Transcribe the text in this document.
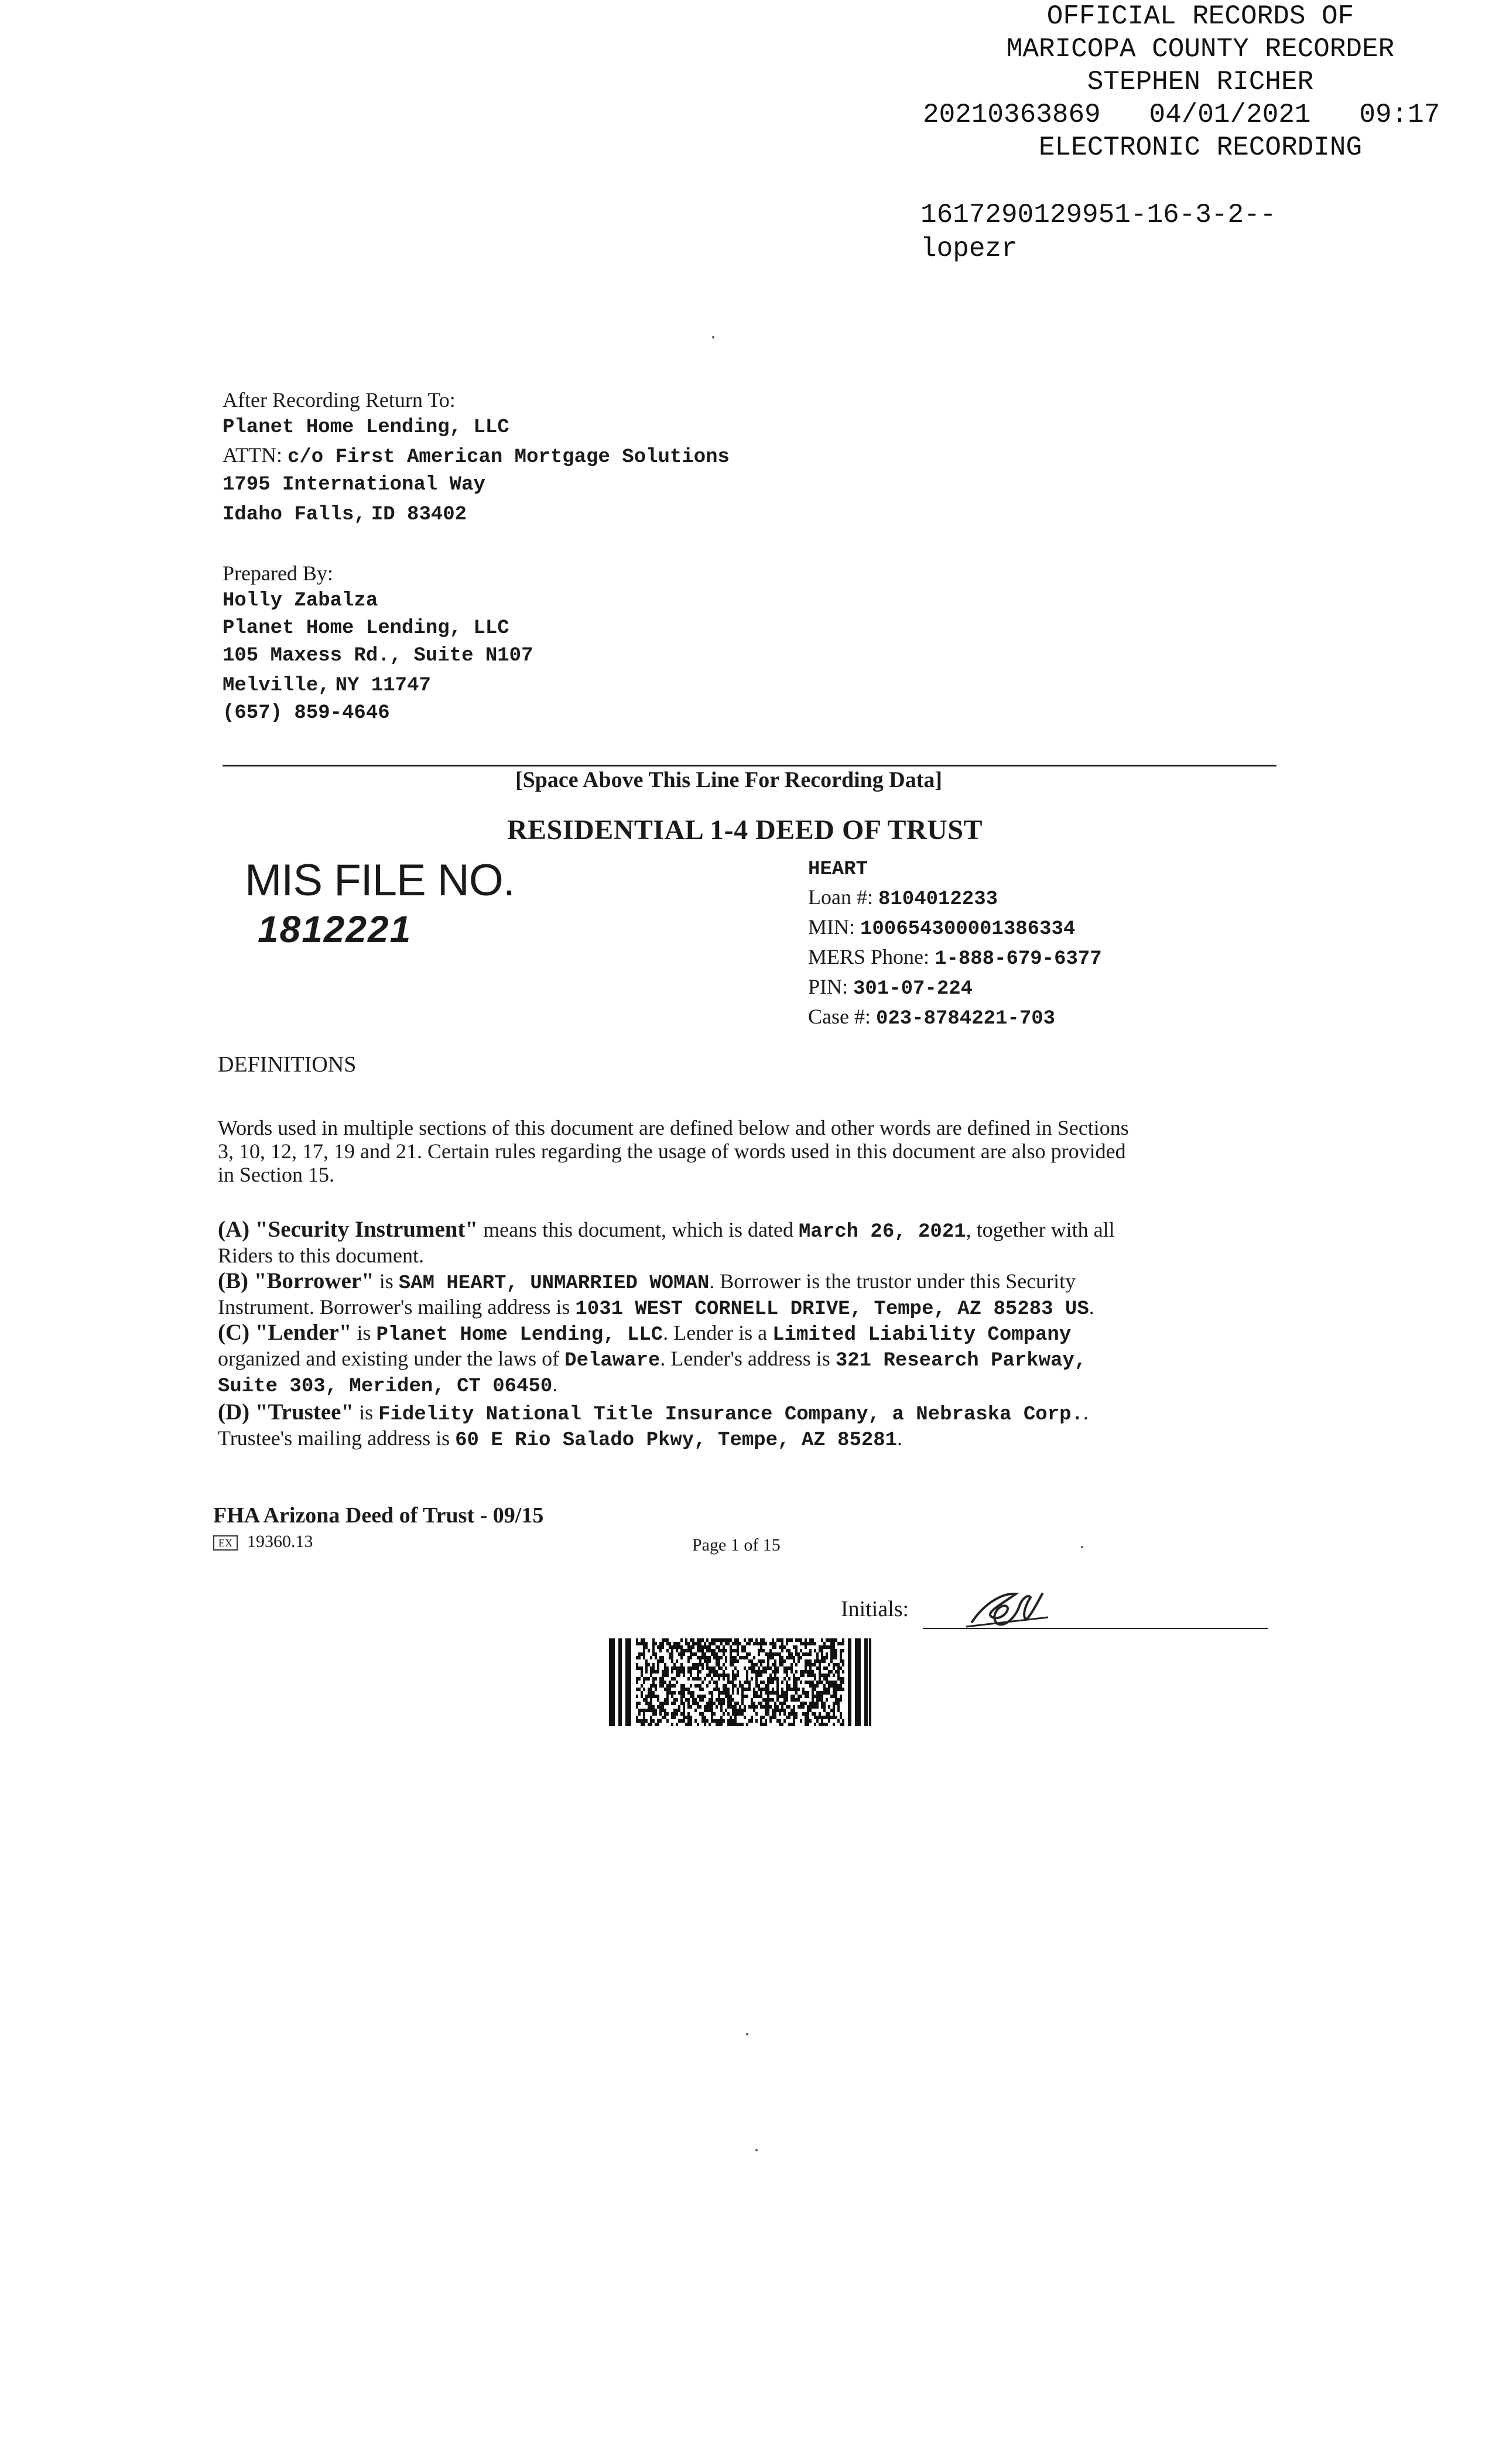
OFFICIAL RECORDS OF
MARICOPA COUNTY RECORDER
STEPHEN RICHER
20210363869 04/01/2021 09:17
ELECTRONIC RECORDING
1617290129951-16-3-2--
lopezr
After Recording Return To:
Planet Home Lending, LLC
ATTN: c/o First American Mortgage Solutions
1795 International Way
Idaho Falls, ID 83402
Prepared By:
Holly Zabalza
Planet Home Lending, LLC
105 Maxess Rd., Suite N107
Melville, NY 11747
(657) 859-4646
[Space Above This Line For Recording Data]
RESIDENTIAL 1-4 DEED OF TRUST
MIS FILE NO.
1812221
HEART
Loan #: 8104012233
MIN: 100654300001386334
MERS Phone: 1-888-679-6377
PIN: 301-07-224
Case #: 023-8784221-703
DEFINITIONS
Words used in multiple sections of this document are defined below and other words are defined in Sections
3, 10, 12, 17, 19 and 21. Certain rules regarding the usage of words used in this document are also provided
in Section 15.
(A) "Security Instrument" means this document, which is dated March 26, 2021, together with all
Riders to this document.
(B) "Borrower" is SAM HEART, UNMARRIED WOMAN. Borrower is the trustor under this Security
Instrument. Borrower's mailing address is 1031 WEST CORNELL DRIVE, Tempe, AZ 85283 US.
(C) "Lender" is Planet Home Lending, LLC. Lender is a Limited Liability Company
organized and existing under the laws of Delaware. Lender's address is 321 Research Parkway,
Suite 303, Meriden, CT 06450.
(D) "Trustee" is Fidelity National Title Insurance Company, a Nebraska Corp..
Trustee's mailing address is 60 E Rio Salado Pkwy, Tempe, AZ 85281.
FHA Arizona Deed of Trust - 09/15
EX 19360.13	Page 1 of 15
Initials:
